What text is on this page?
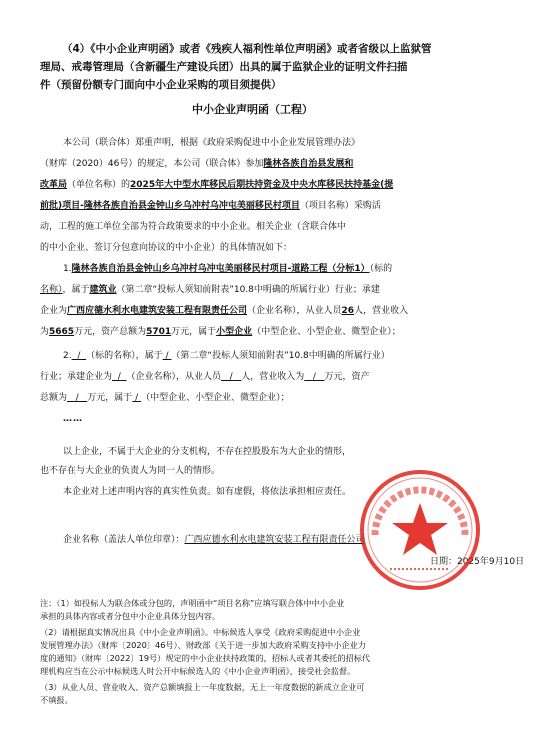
（4）《中小企业声明函》或者《残疾人福利性单位声明函》或者省级以上监狱管
理局、戒毒管理局（含新疆生产建设兵团）出具的属于监狱企业的证明文件扫描
件（预留份额专门面向中小企业采购的项目须提供）
中小企业声明函（工程）
本公司（联合体）郑重声明，根据《政府采购促进中小企业发展管理办法》
（财库（2020）46号）的规定，本公司（联合体）参加隆林各族自治县发展和
改革局（单位名称）的2025年大中型水库移民后期扶持资金及中央水库移民扶持基金(提
前批)项目-隆林各族自治县金钟山乡乌冲村乌冲屯美丽移民村项目（项目名称）采购活
动，工程的施工单位全部为符合政策要求的中小企业。相关企业（含联合体中
的中小企业、签订分包意向协议的中小企业）的具体情况如下：
1.隆林各族自治县金钟山乡乌冲村乌冲屯美丽移民村项目-道路工程（分标1）（标的
名称），属于建筑业（第二章“投标人须知前附表”10.8中明确的所属行业）行业；承建
企业为广西应德水利水电建筑安装工程有限责任公司（企业名称），从业人员26人，营业收入
为5665万元，资产总额为5701万元，属于小型企业（中型企业、小型企业、微型企业）；
2. / （标的名称），属于 / （第二章“投标人须知前附表”10.8中明确的所属行业）
行业；承建企业为 / （企业名称），从业人员 / 人，营业收入为 / 万元，资产
总额为 / 万元，属于 / （中型企业、小型企业、微型企业）；
……
以上企业，不属于大企业的分支机构，不存在控股股东为大企业的情形，
也不存在与大企业的负责人为同一人的情形。
本企业对上述声明内容的真实性负责。如有虚假，将依法承担相应责任。
企业名称（盖法人单位印章）：广西应德水利水电建筑安装工程有限责任公司
日期：2025年9月10日
注：（1）如投标人为联合体或分包的，声明函中“项目名称”应填写联合体中中小企业
承担的具体内容或者分包中小企业具体分包内容。
（2）请根据真实情况出具《中小企业声明函》。中标候选人享受《政府采购促进中小企业
发展管理办法》（财库〔2020〕46号）、财政部《关于进一步加大政府采购支持中小企业力
度的通知》（财库〔2022〕19号）规定的中小企业扶持政策的，招标人或者其委托的招标代
理机构应当在公示中标候选人时公开中标候选人的《中小企业声明函》，接受社会监督。
（3）从业人员、营业收入、资产总额填报上一年度数据，无上一年度数据的新成立企业可
不填报。
